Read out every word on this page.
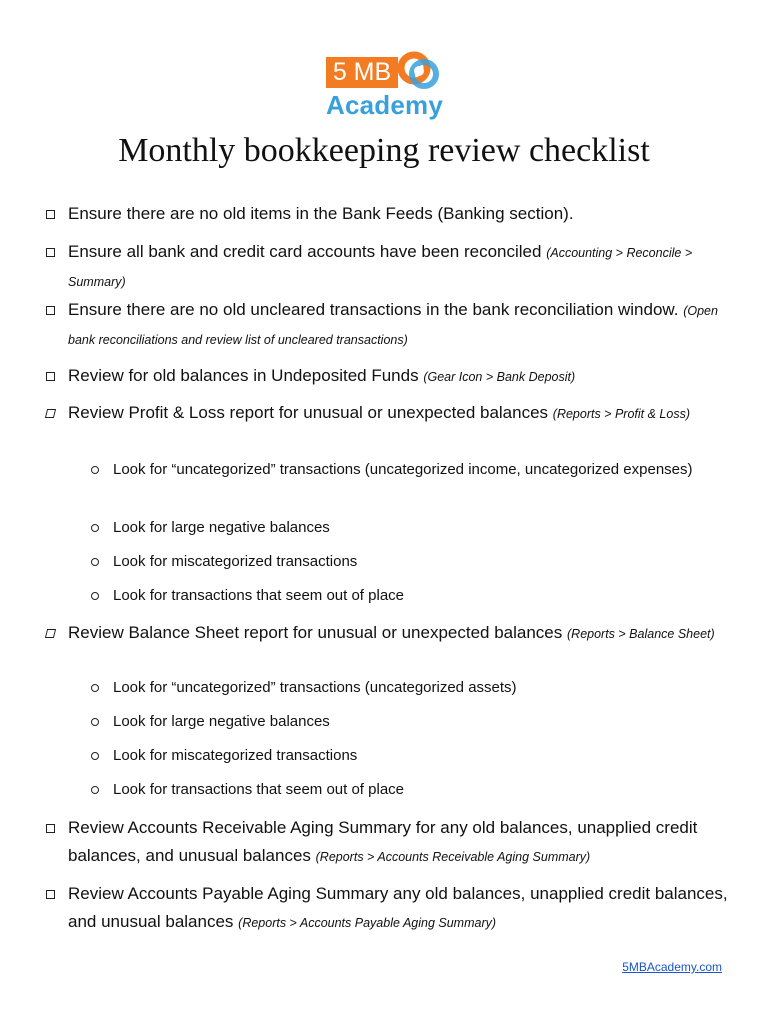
5 MB
Academy
Monthly bookkeeping review checklist
Ensure there are no old items in the Bank Feeds (Banking section).
Ensure all bank and credit card accounts have been reconciled (Accounting > Reconcile > Summary)
Ensure there are no old uncleared transactions in the bank reconciliation window. (Open bank reconciliations and review list of uncleared transactions)
Review for old balances in Undeposited Funds (Gear Icon > Bank Deposit)
Review Profit & Loss report for unusual or unexpected balances (Reports > Profit & Loss)
Look for “uncategorized” transactions (uncategorized income, uncategorized expenses)
Look for large negative balances
Look for miscategorized transactions
Look for transactions that seem out of place
Review Balance Sheet report for unusual or unexpected balances (Reports > Balance Sheet)
Look for “uncategorized” transactions (uncategorized assets)
Look for large negative balances
Look for miscategorized transactions
Look for transactions that seem out of place
Review Accounts Receivable Aging Summary for any old balances, unapplied credit balances, and unusual balances (Reports > Accounts Receivable Aging Summary)
Review Accounts Payable Aging Summary any old balances, unapplied credit balances, and unusual balances (Reports > Accounts Payable Aging Summary)
5MBAcademy.com
